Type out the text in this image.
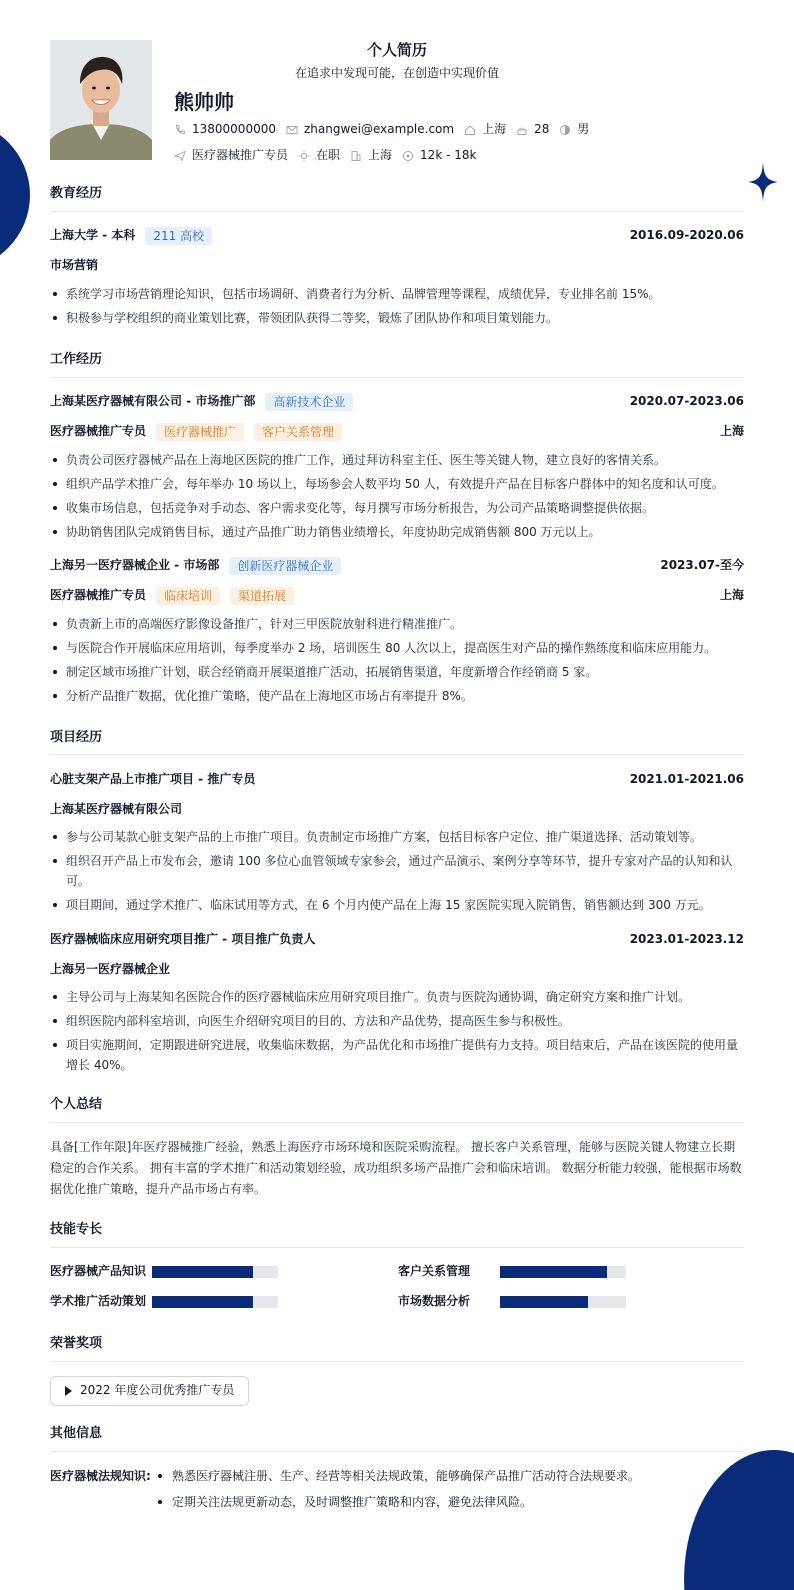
个人简历
在追求中发现可能，在创造中实现价值
熊帅帅
13800000000 zhangwei@example.com 上海 28 男
医疗器械推广专员 在职 上海 12k - 18k
教育经历
上海大学 - 本科	211 高校	2016.09-2020.06
市场营销
系统学习市场营销理论知识，包括市场调研、消费者行为分析、品牌管理等课程，成绩优异，专业排名前 15%。
积极参与学校组织的商业策划比赛，带领团队获得二等奖，锻炼了团队协作和项目策划能力。
工作经历
上海某医疗器械有限公司 - 市场推广部	高新技术企业	2020.07-2023.06
医疗器械推广专员	医疗器械推广	客户关系管理	上海
负责公司医疗器械产品在上海地区医院的推广工作，通过拜访科室主任、医生等关键人物，建立良好的客情关系。
组织产品学术推广会，每年举办 10 场以上，每场参会人数平均 50 人，有效提升产品在目标客户群体中的知名度和认可度。
收集市场信息，包括竞争对手动态、客户需求变化等，每月撰写市场分析报告，为公司产品策略调整提供依据。
协助销售团队完成销售目标，通过产品推广助力销售业绩增长，年度协助完成销售额 800 万元以上。
上海另一医疗器械企业 - 市场部	创新医疗器械企业	2023.07-至今
医疗器械推广专员	临床培训	渠道拓展	上海
负责新上市的高端医疗影像设备推广，针对三甲医院放射科进行精准推广。
与医院合作开展临床应用培训，每季度举办 2 场，培训医生 80 人次以上，提高医生对产品的操作熟练度和临床应用能力。
制定区域市场推广计划，联合经销商开展渠道推广活动，拓展销售渠道，年度新增合作经销商 5 家。
分析产品推广数据，优化推广策略，使产品在上海地区市场占有率提升 8%。
项目经历
心脏支架产品上市推广项目 - 推广专员	2021.01-2021.06
上海某医疗器械有限公司
参与公司某款心脏支架产品的上市推广项目。负责制定市场推广方案，包括目标客户定位、推广渠道选择、活动策划等。
组织召开产品上市发布会，邀请 100 多位心血管领域专家参会，通过产品演示、案例分享等环节，提升专家对产品的认知和认可。
项目期间，通过学术推广、临床试用等方式，在 6 个月内使产品在上海 15 家医院实现入院销售，销售额达到 300 万元。
医疗器械临床应用研究项目推广 - 项目推广负责人	2023.01-2023.12
上海另一医疗器械企业
主导公司与上海某知名医院合作的医疗器械临床应用研究项目推广。负责与医院沟通协调，确定研究方案和推广计划。
组织医院内部科室培训，向医生介绍研究项目的目的、方法和产品优势，提高医生参与积极性。
项目实施期间，定期跟进研究进展，收集临床数据，为产品优化和市场推广提供有力支持。项目结束后，产品在该医院的使用量增长 40%。
个人总结
具备[工作年限]年医疗器械推广经验，熟悉上海医疗市场环境和医院采购流程。 擅长客户关系管理，能够与医院关键人物建立长期稳定的合作关系。 拥有丰富的学术推广和活动策划经验，成功组织多场产品推广会和临床培训。 数据分析能力较强，能根据市场数据优化推广策略，提升产品市场占有率。
技能专长
医疗器械产品知识	客户关系管理
学术推广活动策划	市场数据分析
荣誉奖项
2022 年度公司优秀推广专员
其他信息
医疗器械法规知识:	熟悉医疗器械注册、生产、经营等相关法规政策，能够确保产品推广活动符合法规要求。
定期关注法规更新动态，及时调整推广策略和内容，避免法律风险。
